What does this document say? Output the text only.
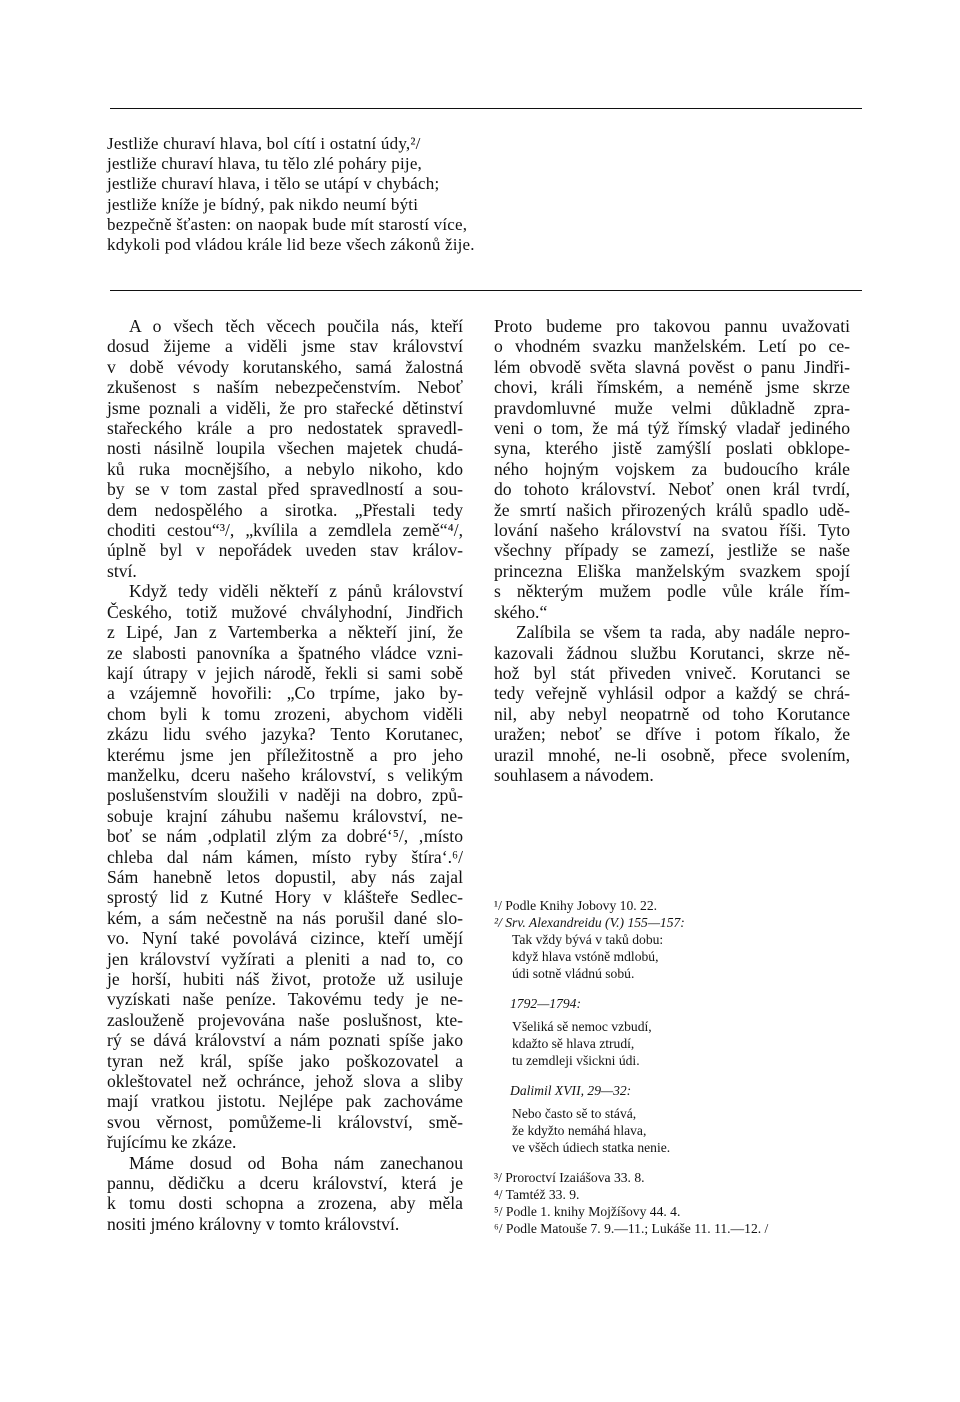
Jestliže churaví hlava, bol cítí i ostatní údy,²/
jestliže churaví hlava, tu tělo zlé poháry pije,
jestliže churaví hlava, i tělo se utápí v chybách;
jestliže kníže je bídný, pak nikdo neumí býti
bezpečně šťasten: on naopak bude mít starostí více,
kdykoli pod vládou krále lid beze všech zákonů žije.
A o všech těch věcech poučila nás, kteří
dosud žijeme a viděli jsme stav království
v době vévody korutanského, samá žalostná
zkušenost s naším nebezpečenstvím. Neboť
jsme poznali a viděli, že pro stařecké dětinství
stařeckého krále a pro nedostatek spravedl-
nosti násilně loupila všechen majetek chudá-
ků ruka mocnějšího, a nebylo nikoho, kdo
by se v tom zastal před spravedlností a sou-
dem nedospělého a sirotka. „Přestali tedy
choditi cestou“³/, „kvílila a zemdlela země“⁴/,
úplně byl v nepořádek uveden stav králov-
ství.
Když tedy viděli někteří z pánů království
Českého, totiž mužové chvályhodní, Jindřich
z Lipé, Jan z Vartemberka a někteří jiní, že
ze slabosti panovníka a špatného vládce vzni-
kají útrapy v jejich národě, řekli si sami sobě
a vzájemně hovořili: „Co trpíme, jako by-
chom byli k tomu zrozeni, abychom viděli
zkázu lidu svého jazyka? Tento Korutanec,
kterému jsme jen příležitostně a pro jeho
manželku, dceru našeho království, s velikým
poslušenstvím sloužili v naději na dobro, způ-
sobuje krajní záhubu našemu království, ne-
boť se nám ‚odplatil zlým za dobré‘⁵/, ‚místo
chleba dal nám kámen, místo ryby štíra‘.⁶/
Sám hanebně letos dopustil, aby nás zajal
sprostý lid z Kutné Hory v klášteře Sedlec-
kém, a sám nečestně na nás porušil dané slo-
vo. Nyní také povolává cizince, kteří umějí
jen království vyžírati a pleniti a nad to, co
je horší, hubiti náš život, protože už usiluje
vyzískati naše peníze. Takovému tedy je ne-
zaslouženě projevována naše poslušnost, kte-
rý se dává království a nám poznati spíše jako
tyran než král, spíše jako poškozovatel a
okleštovatel než ochránce, jehož slova a sliby
mají vratkou jistotu. Nejlépe pak zachováme
svou věrnost, pomůžeme-li království, smě-
řujícímu ke zkáze.
Máme dosud od Boha nám zanechanou
pannu, dědičku a dceru království, která je
k tomu dosti schopna a zrozena, aby měla
nositi jméno královny v tomto království.
Proto budeme pro takovou pannu uvažovati
o vhodném svazku manželském. Letí po ce-
lém obvodě světa slavná pověst o panu Jindři-
chovi, králi římském, a neméně jsme skrze
pravdomluvné muže velmi důkladně zpra-
veni o tom, že má týž římský vladař jediného
syna, kterého jistě zamýšlí poslati obklope-
ného hojným vojskem za budoucího krále
do tohoto království. Neboť onen král tvrdí,
že smrtí našich přirozených králů spadlo udě-
lování našeho království na svatou říši. Tyto
všechny případy se zamezí, jestliže se naše
princezna Eliška manželským svazkem spojí
s některým mužem podle vůle krále řím-
ského.“
Zalíbila se všem ta rada, aby nadále nepro-
kazovali žádnou službu Korutanci, skrze ně-
hož byl stát přiveden vniveč. Korutanci se
tedy veřejně vyhlásil odpor a každý se chrá-
nil, aby nebyl neopatrně od toho Korutance
uražen; neboť se dříve i potom říkalo, že
urazil mnohé, ne-li osobně, přece svolením,
souhlasem a návodem.
¹/ Podle Knihy Jobovy 10. 22.
²/ Srv. Alexandreidu (V.) 155—157:
Tak vždy bývá v taků dobu:
když hlava vstóně mdlobú,
údi sotně vládnú sobú.
1792—1794:
Všeliká sě nemoc vzbudí,
kdažto sě hlava ztrudí,
tu zemdleji všickni údi.
Dalimil XVII, 29—32:
Nebo často sě to stává,
že kdyžto nemáhá hlava,
ve všěch údiech statka nenie.
³/ Proroctví Izaiášova 33. 8.
⁴/ Tamtéž 33. 9.
⁵/ Podle 1. knihy Mojžíšovy 44. 4.
⁶/ Podle Matouše 7. 9.—11.; Lukáše 11. 11.—12. /
